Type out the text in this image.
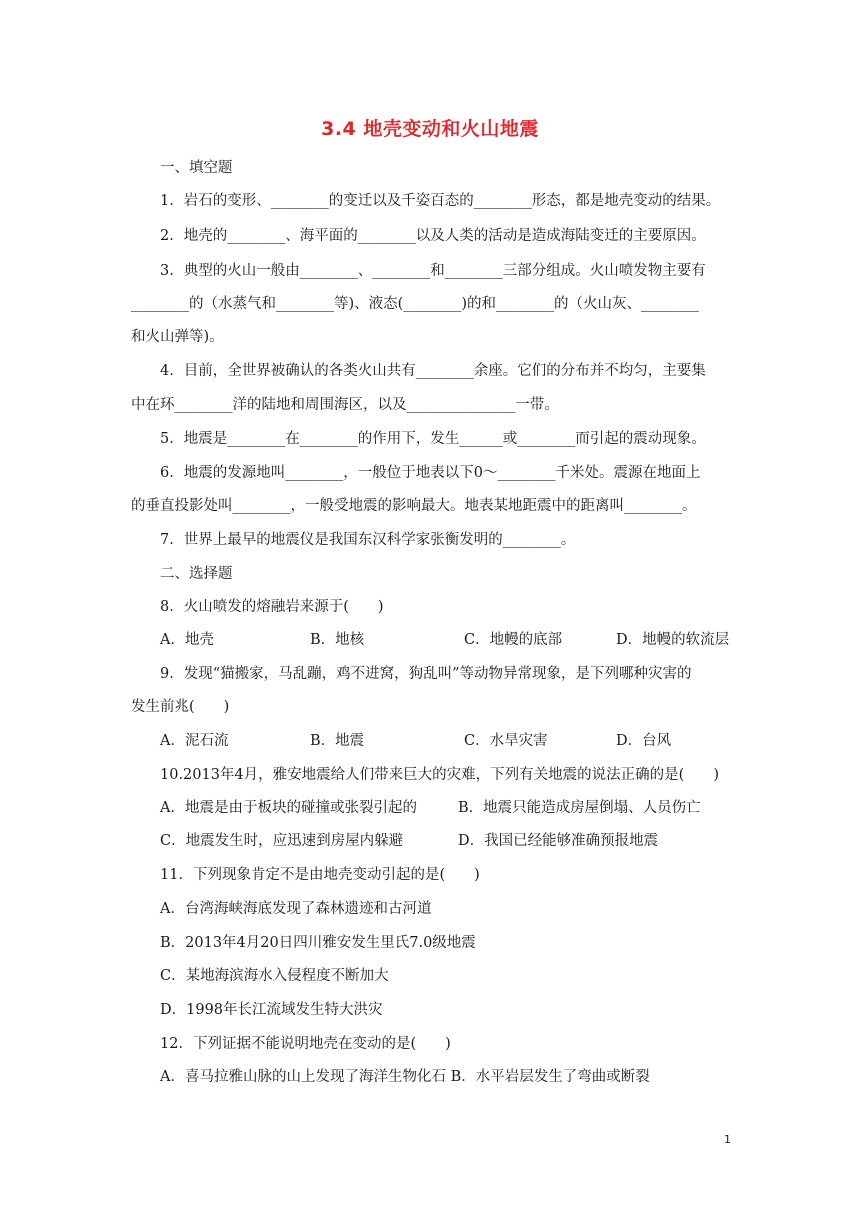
3.4 地壳变动和火山地震
一、填空题
1．岩石的变形、________的变迁以及千姿百态的________形态，都是地壳变动的结果。
2．地壳的________、海平面的________以及人类的活动是造成海陆变迁的主要原因。
3．典型的火山一般由________、________和________三部分组成。火山喷发物主要有
________的（水蒸气和________等)、液态(________)的和________的（火山灰、________
和火山弹等)。
4．目前，全世界被确认的各类火山共有________余座。它们的分布并不均匀，主要集
中在环________洋的陆地和周围海区，以及_______________一带。
5．地震是________在________的作用下，发生______或________而引起的震动现象。
6．地震的发源地叫________，一般位于地表以下0～________千米处。震源在地面上
的垂直投影处叫________，一般受地震的影响最大。地表某地距震中的距离叫________。
7．世界上最早的地震仪是我国东汉科学家张衡发明的________。
二、选择题
8．火山喷发的熔融岩来源于(　　)
A．地壳	B．地核	C．地幔的底部	D．地幔的软流层
9．发现“猫搬家，马乱蹦，鸡不进窝，狗乱叫”等动物异常现象，是下列哪种灾害的
发生前兆(　　)
A．泥石流	B．地震	C．水旱灾害	D．台风
10.2013年4月，雅安地震给人们带来巨大的灾难，下列有关地震的说法正确的是(　　)
A．地震是由于板块的碰撞或张裂引起的	B．地震只能造成房屋倒塌、人员伤亡
C．地震发生时，应迅速到房屋内躲避	D．我国已经能够准确预报地震
11．下列现象肯定不是由地壳变动引起的是(　　)
A．台湾海峡海底发现了森林遗迹和古河道
B．2013年4月20日四川雅安发生里氏7.0级地震
C．某地海滨海水入侵程度不断加大
D．1998年长江流域发生特大洪灾
12．下列证据不能说明地壳在变动的是(　　)
A．喜马拉雅山脉的山上发现了海洋生物化石 B．水平岩层发生了弯曲或断裂
1
